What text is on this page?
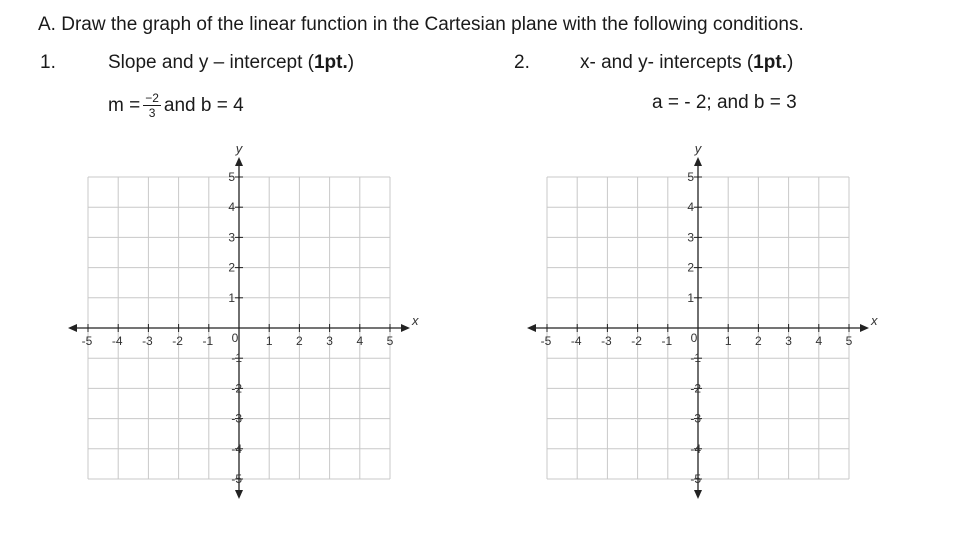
A. Draw the graph of the linear function in the Cartesian plane with the following conditions.
1.	Slope and y – intercept (1pt.)	2.	x- and y- intercepts (1pt.)
$m = \frac{-2}{3}$ and b = 4	a = - 2; and b = 3
-5 -4 -3 -2 -1	1 2 3 4 5
1
2
3
4
5
-1
-2
-3
-4
-5
0
x
y
-5 -4 -3 -2 -1	1 2 3 4 5
1
2
3
4
5
-1
-2
-3
-4
-5
0
x
y
